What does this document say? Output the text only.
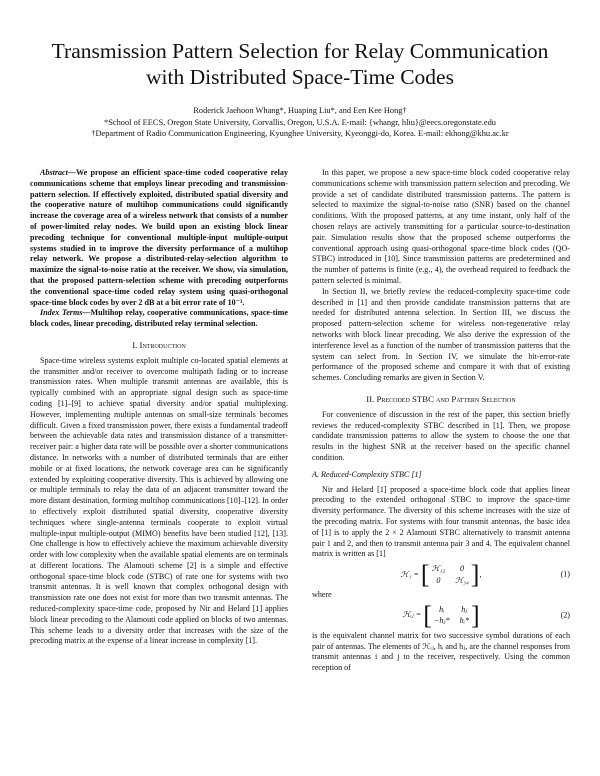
Transmission Pattern Selection for Relay Communication with Distributed Space-Time Codes
Roderick Jaehoon Whang*, Huaping Liu*, and Een Kee Hong†
*School of EECS, Oregon State University, Corvallis, Oregon, U.S.A. E-mail: {whangr, hliu}@eecs.oregonstate.edu
†Department of Radio Communication Engineering, Kyunghee University, Kyeonggi-do, Korea. E-mail: ekhong@khu.ac.kr

Abstract—We propose an efficient space-time coded cooperative relay communications scheme that employs linear precoding and transmission-pattern selection. If effectively exploited, distributed spatial diversity and the cooperative nature of multihop communications could significantly increase the coverage area of a wireless network that consists of a number of power-limited relay nodes. We build upon an existing block linear precoding technique for conventional multiple-input multiple-output systems studied in to improve the diversity performance of a multihop relay network. We propose a distributed-relay-selection algorithm to maximize the signal-to-noise ratio at the receiver. We show, via simulation, that the proposed pattern-selection scheme with precoding outperforms the conventional space-time coded relay system using quasi-orthogonal space-time block codes by over 2 dB at a bit error rate of 10⁻³.

Index Terms—Multihop relay, cooperative communications, space-time block codes, linear precoding, distributed relay terminal selection.

I. Introduction

Space-time wireless systems exploit multiple co-located spatial elements at the transmitter and/or receiver to overcome multipath fading or to increase transmission rates. When multiple transmit antennas are available, this is typically combined with an appropriate signal design such as space-time coding [1]–[9] to achieve spatial diversity and/or spatial multiplexing. However, implementing multiple antennas on small-size terminals becomes difficult. Given a fixed transmission power, there exists a fundamental tradeoff between the achievable data rates and transmission distance of a transmitter-receiver pair: a higher data rate will be possible over a shorter communications distance. In networks with a number of distributed terminals that are either mobile or at fixed locations, the network coverage area can be significantly extended by exploiting cooperative diversity. This is achieved by allowing one or multiple terminals to relay the data of an adjacent transmitter toward the more distant destination, forming multihop communications [10]–[12]. In order to effectively exploit distributed spatial diversity, cooperative diversity techniques where single-antenna terminals cooperate to exploit virtual multiple-input multiple-output (MIMO) benefits have been studied [12], [13]. One challenge is how to effectively achieve the maximum achievable diversity order with low complexity when the available spatial elements are on terminals at different locations. The Alamouti scheme [2] is a simple and effective orthogonal space-time block code (STBC) of rate one for systems with two transmit antennas. It is well known that complex orthogonal design with transmission rate one does not exist for more than two transmit antennas. The reduced-complexity space-time code, proposed by Nir and Helard [1] applies block linear precoding to the Alamouti code applied on blocks of two antennas. This scheme leads to a diversity order that increases with the size of the precoding matrix at the expense of a linear increase in complexity [1].

In this paper, we propose a new space-time block coded cooperative relay communications scheme with transmission pattern selection and precoding. We provide a set of candidate distributed transmission patterns. The pattern is selected to maximize the signal-to-noise ratio (SNR) based on the channel conditions. With the proposed patterns, at any time instant, only half of the chosen relays are actively transmitting for a particular source-to-destination pair. Simulation results show that the proposed scheme outperforms the conventional approach using quasi-orthogonal space-time block codes (QO-STBC) introduced in [10]. Since transmission patterns are predetermined and the number of patterns is finite (e.g., 4), the overhead required to feedback the pattern selected is minimal.

In Section II, we briefly review the reduced-complexity space-time code described in [1] and then provide candidate transmission patterns that are needed for distributed antenna selection. In Section III, we discuss the proposed pattern-selection scheme for wireless non-regenerative relay networks with block linear precoding. We also derive the expression of the interference level as a function of the number of transmission patterns that the system can select from. In Section IV, we simulate the bit-error-rate performance of the proposed scheme and compare it with that of existing schemes. Concluding remarks are given in Section V.

II. Precoded STBC and Pattern Selection

For convenience of discussion in the rest of the paper, this section briefly reviews the reduced-complexity STBC described in [1]. Then, we propose candidate transmission patterns to allow the system to choose the one that results in the highest SNR at the receiver based on the specific channel condition.

A. Reduced-Complexity STBC [1]

Nir and Helard [1] proposed a space-time block code that applies linear precoding to the extended orthogonal STBC to improve the space-time diversity performance. The diversity of this scheme increases with the size of the precoding matrix. For systems with four transmit antennas, the basic idea of [1] is to apply the 2 × 2 Alamouti STBC alternatively to transmit antenna pair 1 and 2, and then to transmit antenna pair 3 and 4. The equivalent channel matrix is written as [1]

ℋ₁ =
[ ℋ₁₂	0
0	ℋ₃₄ ] ,	(1)

where

ℋᵢⱼ =
[ hᵢ	hⱼ
−hⱼ* hᵢ* ]	(2)

is the equivalent channel matrix for two successive symbol durations of each pair of antennas. The elements of ℋᵢⱼ, hᵢ and hⱼ, are the channel responses from transmit antennas i and j to the receiver, respectively. Using the common reception of
